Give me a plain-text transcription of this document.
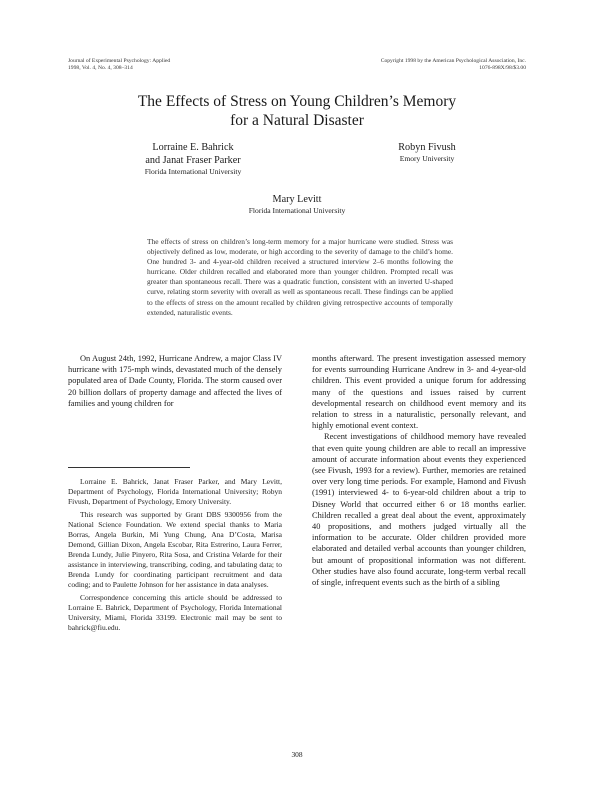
Journal of Experimental Psychology: Applied
1998, Vol. 4, No. 4, 308–314
Copyright 1998 by the American Psychological Association, Inc.
1076-898X/98/$3.00
The Effects of Stress on Young Children’s Memory
for a Natural Disaster
Lorraine E. Bahrick
and Janat Fraser Parker
Florida International University
Robyn Fivush
Emory University
Mary Levitt
Florida International University
The effects of stress on children’s long-term memory for a major hurricane were studied. Stress was objectively defined as low, moderate, or high according to the severity of damage to the child’s home. One hundred 3- and 4-year-old children received a structured interview 2–6 months following the hurricane. Older children recalled and elaborated more than younger children. Prompted recall was greater than spontaneous recall. There was a quadratic function, consistent with an inverted U-shaped curve, relating storm severity with overall as well as spontaneous recall. These findings can be applied to the effects of stress on the amount recalled by children giving retrospective accounts of temporally extended, naturalistic events.

On August 24th, 1992, Hurricane Andrew, a major Class IV hurricane with 175-mph winds, devastated much of the densely populated area of Dade County, Florida. The storm caused over 20 billion dollars of property damage and affected the lives of families and young children for

Lorraine E. Bahrick, Janat Fraser Parker, and Mary Levitt, Department of Psychology, Florida International University; Robyn Fivush, Department of Psychology, Emory University.

This research was supported by Grant DBS 9300956 from the National Science Foundation. We extend special thanks to Maria Borras, Angela Burkin, Mi Yung Chung, Ana D’Costa, Marisa Demond, Gillian Dixon, Angela Escobar, Rita Estrerino, Laura Ferrer, Brenda Lundy, Julie Pinyero, Rita Sosa, and Cristina Velarde for their assistance in interviewing, transcribing, coding, and tabulating data; to Brenda Lundy for coordinating participant recruitment and data coding; and to Paulette Johnson for her assistance in data analyses.

Correspondence concerning this article should be addressed to Lorraine E. Bahrick, Department of Psychology, Florida International University, Miami, Florida 33199. Electronic mail may be sent to bahrick@fiu.edu.

months afterward. The present investigation assessed memory for events surrounding Hurricane Andrew in 3- and 4-year-old children. This event provided a unique forum for addressing many of the questions and issues raised by current developmental research on childhood event memory and its relation to stress in a naturalistic, personally relevant, and highly emotional event context.

Recent investigations of childhood memory have revealed that even quite young children are able to recall an impressive amount of accurate information about events they experienced (see Fivush, 1993 for a review). Further, memories are retained over very long time periods. For example, Hamond and Fivush (1991) interviewed 4- to 6-year-old children about a trip to Disney World that occurred either 6 or 18 months earlier. Children recalled a great deal about the event, approximately 40 propositions, and mothers judged virtually all the information to be accurate. Older children provided more elaborated and detailed verbal accounts than younger children, but amount of propositional information was not different. Other studies have also found accurate, long-term verbal recall of single, infrequent events such as the birth of a sibling

308
